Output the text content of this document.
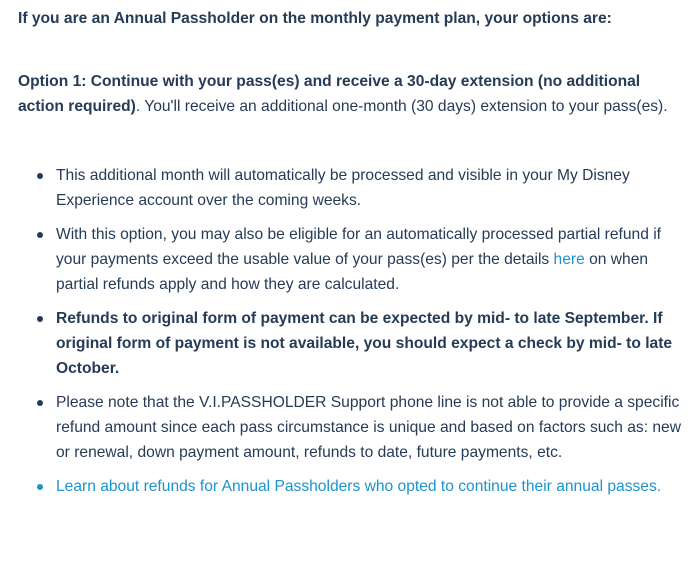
If you are an Annual Passholder on the monthly payment plan, your options are:

Option 1: Continue with your pass(es) and receive a 30-day extension (no additional action required). You'll receive an additional one-month (30 days) extension to your pass(es).

This additional month will automatically be processed and visible in your My Disney Experience account over the coming weeks.
With this option, you may also be eligible for an automatically processed partial refund if your payments exceed the usable value of your pass(es) per the details here on when partial refunds apply and how they are calculated.
Refunds to original form of payment can be expected by mid- to late September. If original form of payment is not available, you should expect a check by mid- to late October.
Please note that the V.I.PASSHOLDER Support phone line is not able to provide a specific refund amount since each pass circumstance is unique and based on factors such as: new or renewal, down payment amount, refunds to date, future payments, etc.
Learn about refunds for Annual Passholders who opted to continue their annual passes.
